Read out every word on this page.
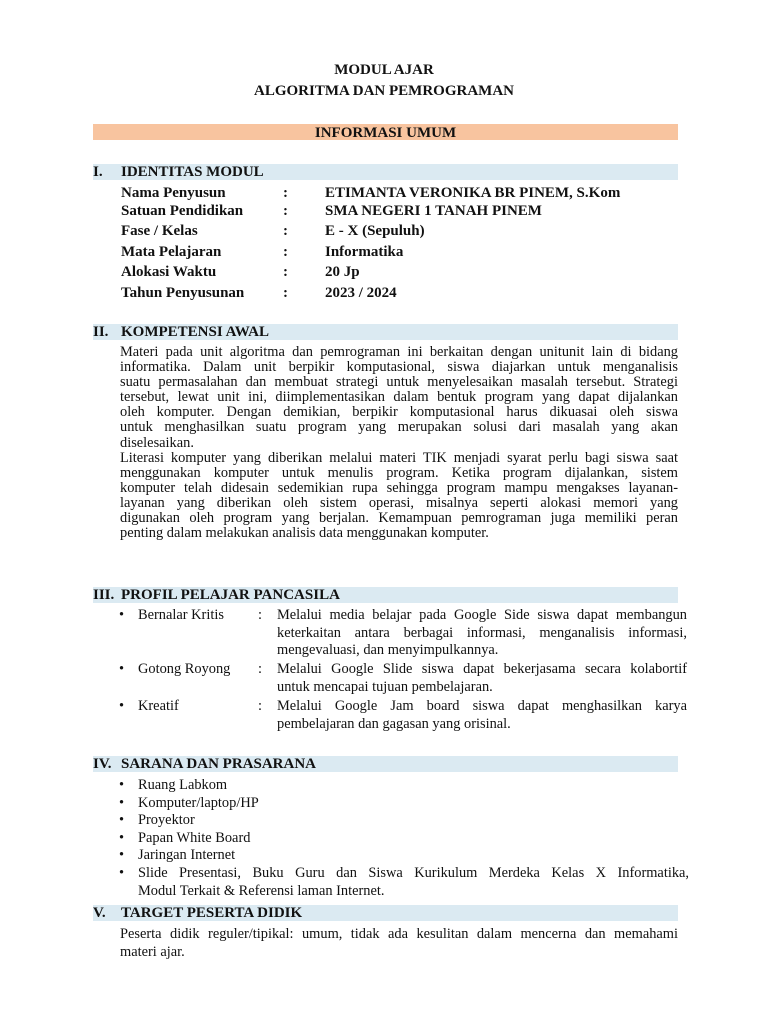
MODUL AJAR
ALGORITMA DAN PEMROGRAMAN
INFORMASI UMUM
I. IDENTITAS MODUL
Nama Penyusun	: ETIMANTA VERONIKA BR PINEM, S.Kom
Satuan Pendidikan	: SMA NEGERI 1 TANAH PINEM
Fase / Kelas	: E - X (Sepuluh)
Mata Pelajaran	: Informatika
Alokasi Waktu	: 20 Jp
Tahun Penyusunan	: 2023 / 2024
II. KOMPETENSI AWAL
Materi pada unit algoritma dan pemrograman ini berkaitan dengan unitunit lain di bidang
informatika. Dalam unit berpikir komputasional, siswa diajarkan untuk menganalisis
suatu permasalahan dan membuat strategi untuk menyelesaikan masalah tersebut. Strategi
tersebut, lewat unit ini, diimplementasikan dalam bentuk program yang dapat dijalankan
oleh komputer. Dengan demikian, berpikir komputasional harus dikuasai oleh siswa
untuk menghasilkan suatu program yang merupakan solusi dari masalah yang akan
diselesaikan.
Literasi komputer yang diberikan melalui materi TIK menjadi syarat perlu bagi siswa saat
menggunakan komputer untuk menulis program. Ketika program dijalankan, sistem
komputer telah didesain sedemikian rupa sehingga program mampu mengakses layanan-
layanan yang diberikan oleh sistem operasi, misalnya seperti alokasi memori yang
digunakan oleh program yang berjalan. Kemampuan pemrograman juga memiliki peran
penting dalam melakukan analisis data menggunakan komputer.
III. PROFIL PELAJAR PANCASILA
• Bernalar Kritis : Melalui media belajar pada Google Side siswa dapat membangun
keterkaitan antara berbagai informasi, menganalisis informasi,
mengevaluasi, dan menyimpulkannya.
• Gotong Royong : Melalui Google Slide siswa dapat bekerjasama secara kolabortif
untuk mencapai tujuan pembelajaran.
• Kreatif	: Melalui Google Jam board siswa dapat menghasilkan karya
pembelajaran dan gagasan yang orisinal.
IV. SARANA DAN PRASARANA
• Ruang Labkom
• Komputer/laptop/HP
• Proyektor
• Papan White Board
• Jaringan Internet
• Slide Presentasi, Buku Guru dan Siswa Kurikulum Merdeka Kelas X Informatika,
Modul Terkait & Referensi laman Internet.
V. TARGET PESERTA DIDIK
Peserta didik reguler/tipikal: umum, tidak ada kesulitan dalam mencerna dan memahami
materi ajar.
